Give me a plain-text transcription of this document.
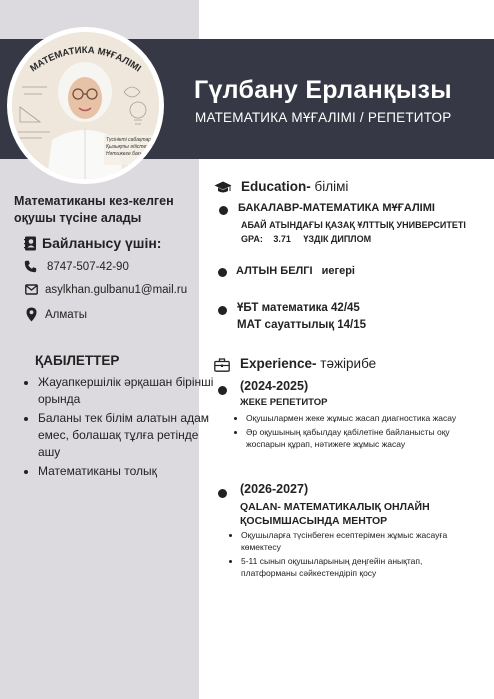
МАТЕМАТИКА МҰҒАЛІМІ
Түсінікті сабақтар
Қызықты әдістер
Нәтижеге бағыт
Гүлбану Ерланқызы
МАТЕМАТИКА МҰҒАЛІМІ / РЕПЕТИТОР
Математиканы кез-келген оқушы түсіне алады
Байланысу үшін:
8747-507-42-90
asylkhan.gulbanu1@mail.ru
Алматы
ҚАБІЛЕТТЕР
• Жауапкершілік әрқашан бірінші орында
• Баланы тек білім алатын адам емес, болашақ тұлға ретінде ашу
• Математиканы толық
Education- білімі
БАКАЛАВР-МАТЕМАТИКА МҰҒАЛІМІ
АБАЙ АТЫНДАҒЫ ҚАЗАҚ ҰЛТТЫҚ УНИВЕРСИТЕТІ
GPA: 3.71 ҮЗДІК ДИПЛОМ
АЛТЫН БЕЛГІ иегері
ҰБТ математика 42/45
МАТ сауаттылық 14/15
Experience- тәжірибе
(2024-2025)
ЖЕКЕ РЕПЕТИТОР
• Оқушылармен жеке жұмыс жасап диагностика жасау
• Әр оқушының қабылдау қабілетіне байланысты оқу жоспарын құрап, нәтижеге жұмыс жасау
(2026-2027)
QALAN- МАТЕМАТИКАЛЫҚ ОНЛАЙН ҚОСЫМШАСЫНДА МЕНТОР
• Оқушыларға түсінбеген есептерімен жұмыс жасауға көмектесу
• 5-11 сынып оқушыларының деңгейін анықтап, платформаны сәйкестендіріп қосу
